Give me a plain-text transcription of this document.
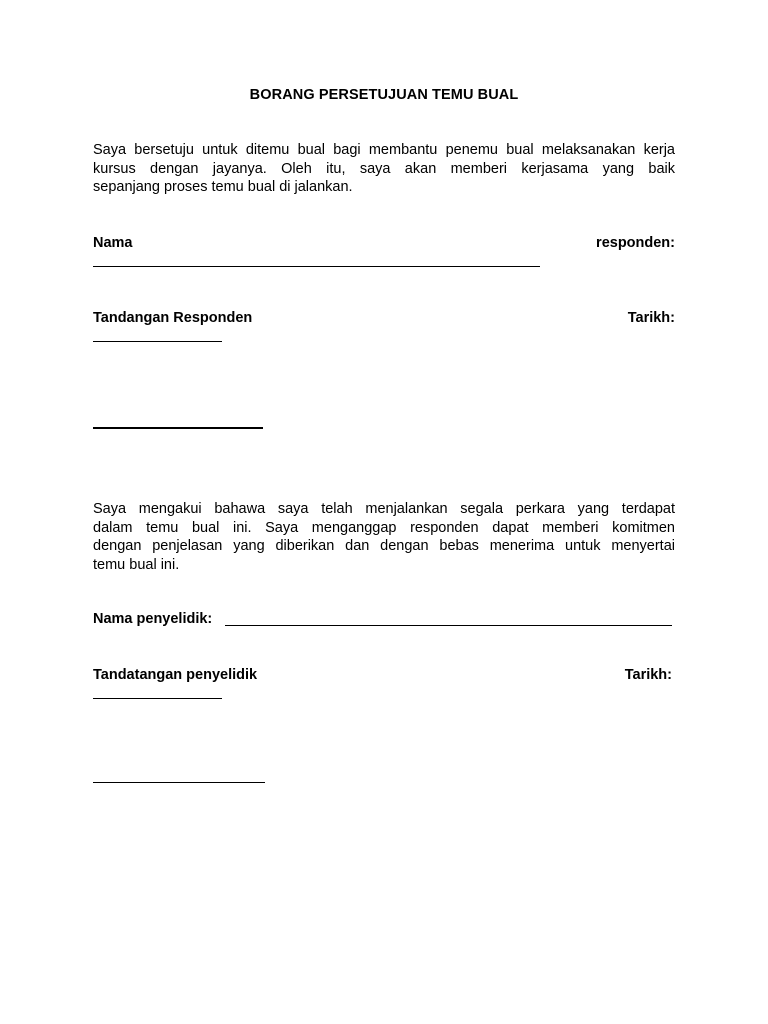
BORANG PERSETUJUAN TEMU BUAL
Saya bersetuju untuk ditemu bual bagi membantu penemu bual melaksanakan kerja
kursus dengan jayanya. Oleh itu, saya akan memberi kerjasama yang baik
sepanjang proses temu bual di jalankan.
Nama	responden:
Tandangan Responden	Tarikh:
Saya mengakui bahawa saya telah menjalankan segala perkara yang terdapat
dalam temu bual ini. Saya menganggap responden dapat memberi komitmen
dengan penjelasan yang diberikan dan dengan bebas menerima untuk menyertai
temu bual ini.
Nama penyelidik:
Tandatangan penyelidik	Tarikh:
